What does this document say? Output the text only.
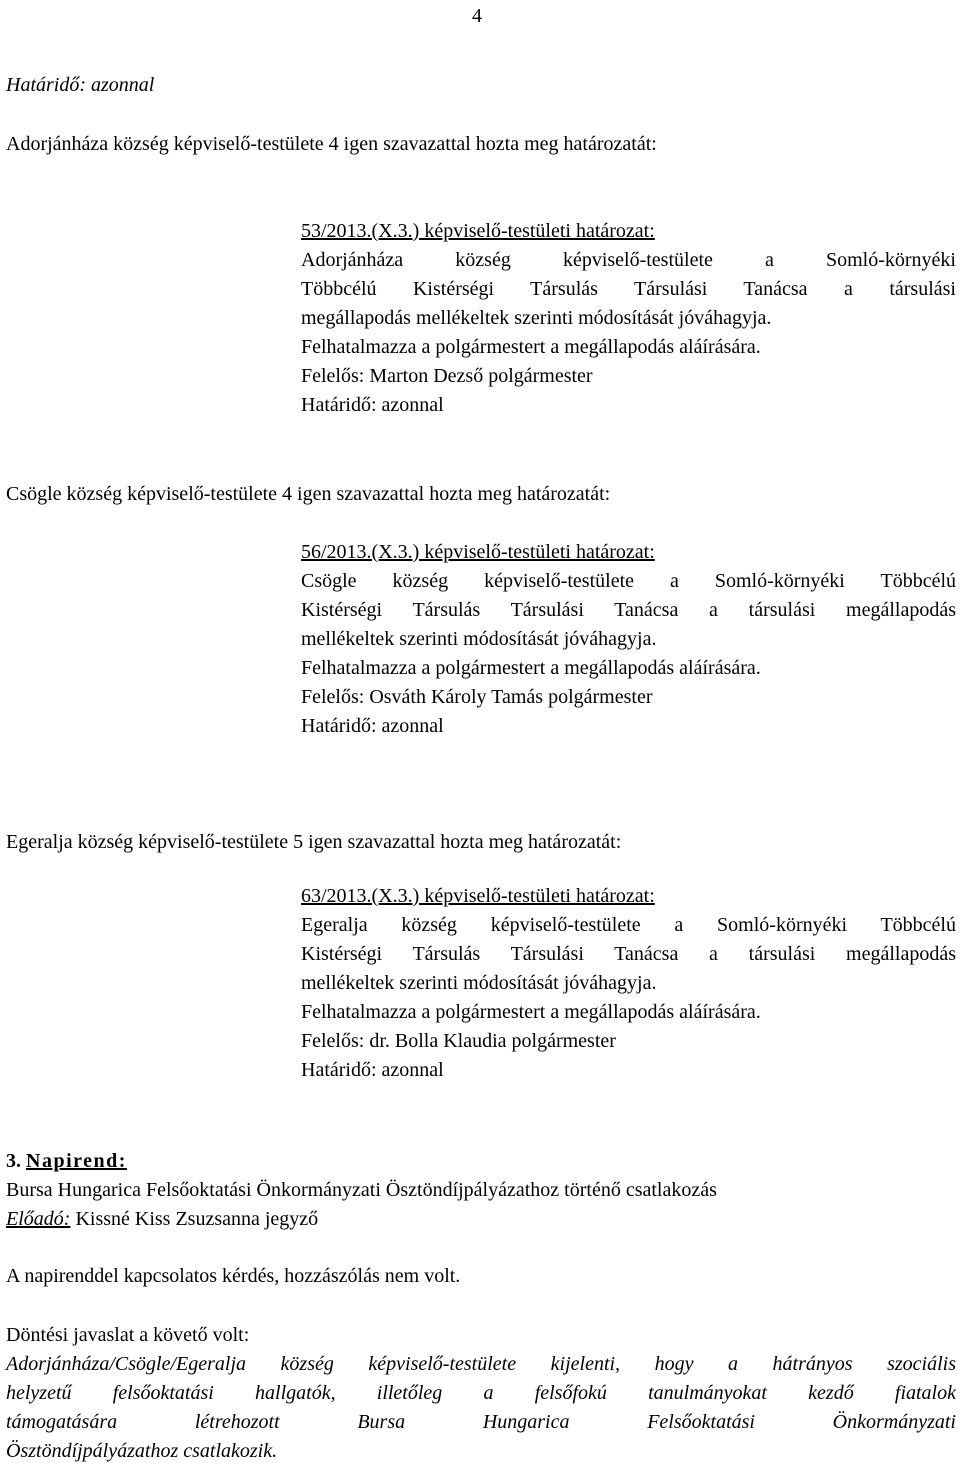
4
Határidő: azonnal
Adorjánháza község képviselő-testülete 4 igen szavazattal hozta meg határozatát:
53/2013.(X.3.) képviselő-testületi határozat:
Adorjánháza község képviselő-testülete a Somló-környéki
Többcélú Kistérségi Társulás Társulási Tanácsa a társulási
megállapodás mellékeltek szerinti módosítását jóváhagyja.
Felhatalmazza a polgármestert a megállapodás aláírására.
Felelős: Marton Dezső polgármester
Határidő: azonnal
Csögle község képviselő-testülete 4 igen szavazattal hozta meg határozatát:
56/2013.(X.3.) képviselő-testületi határozat:
Csögle község képviselő-testülete a Somló-környéki Többcélú
Kistérségi Társulás Társulási Tanácsa a társulási megállapodás
mellékeltek szerinti módosítását jóváhagyja.
Felhatalmazza a polgármestert a megállapodás aláírására.
Felelős: Osváth Károly Tamás polgármester
Határidő: azonnal
Egeralja község képviselő-testülete 5 igen szavazattal hozta meg határozatát:
63/2013.(X.3.) képviselő-testületi határozat:
Egeralja község képviselő-testülete a Somló-környéki Többcélú
Kistérségi Társulás Társulási Tanácsa a társulási megállapodás
mellékeltek szerinti módosítását jóváhagyja.
Felhatalmazza a polgármestert a megállapodás aláírására.
Felelős: dr. Bolla Klaudia polgármester
Határidő: azonnal
3. Napirend:
Bursa Hungarica Felsőoktatási Önkormányzati Ösztöndíjpályázathoz történő csatlakozás
Előadó: Kissné Kiss Zsuzsanna jegyző
A napirenddel kapcsolatos kérdés, hozzászólás nem volt.
Döntési javaslat a követő volt:
Adorjánháza/Csögle/Egeralja község képviselő-testülete kijelenti, hogy a hátrányos szociális
helyzetű felsőoktatási hallgatók, illetőleg a felsőfokú tanulmányokat kezdő fiatalok
támogatására létrehozott Bursa Hungarica Felsőoktatási Önkormányzati
Ösztöndíjpályázathoz csatlakozik.
